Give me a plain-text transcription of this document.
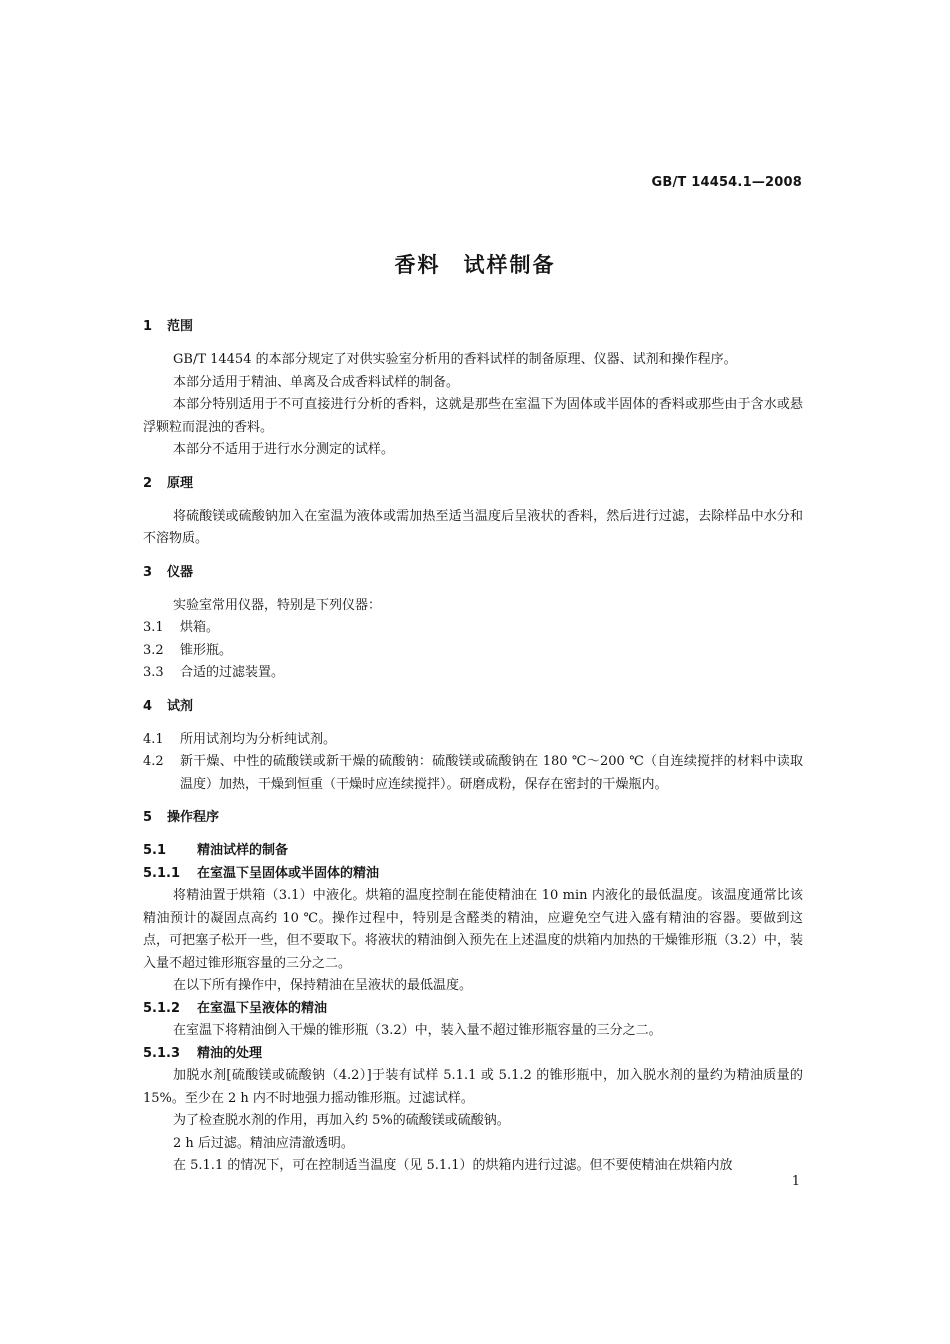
GB/T 14454.1—2008
香料　试样制备
1 范围

GB/T 14454 的本部分规定了对供实验室分析用的香料试样的制备原理、仪器、试剂和操作程序。

本部分适用于精油、单离及合成香料试样的制备。

本部分特别适用于不可直接进行分析的香料，这就是那些在室温下为固体或半固体的香料或那些由于含水或悬浮颗粒而混浊的香料。

本部分不适用于进行水分测定的试样。

2 原理

将硫酸镁或硫酸钠加入在室温为液体或需加热至适当温度后呈液状的香料，然后进行过滤，去除样品中水分和不溶物质。

3 仪器

实验室常用仪器，特别是下列仪器：

3.1	烘箱。
3.2	锥形瓶。
3.3	合适的过滤装置。
4 试剂
4.1	所用试剂均为分析纯试剂。
4.2	新干燥、中性的硫酸镁或新干燥的硫酸钠：硫酸镁或硫酸钠在 180 ℃～200 ℃（自连续搅拌的材料中读取温度）加热，干燥到恒重（干燥时应连续搅拌）。研磨成粉，保存在密封的干燥瓶内。
5 操作程序
5.1	精油试样的制备
5.1.1	在室温下呈固体或半固体的精油

将精油置于烘箱（3.1）中液化。烘箱的温度控制在能使精油在 10 min 内液化的最低温度。该温度通常比该精油预计的凝固点高约 10 ℃。操作过程中，特别是含醛类的精油，应避免空气进入盛有精油的容器。要做到这点，可把塞子松开一些，但不要取下。将液状的精油倒入预先在上述温度的烘箱内加热的干燥锥形瓶（3.2）中，装入量不超过锥形瓶容量的三分之二。

在以下所有操作中，保持精油在呈液状的最低温度。

5.1.2	在室温下呈液体的精油

在室温下将精油倒入干燥的锥形瓶（3.2）中，装入量不超过锥形瓶容量的三分之二。

5.1.3	精油的处理

加脱水剂[硫酸镁或硫酸钠（4.2）]于装有试样 5.1.1 或 5.1.2 的锥形瓶中，加入脱水剂的量约为精油质量的 15%。至少在 2 h 内不时地强力摇动锥形瓶。过滤试样。

为了检查脱水剂的作用，再加入约 5%的硫酸镁或硫酸钠。

2 h 后过滤。精油应清澈透明。

在 5.1.1 的情况下，可在控制适当温度（见 5.1.1）的烘箱内进行过滤。但不要使精油在烘箱内放

1
